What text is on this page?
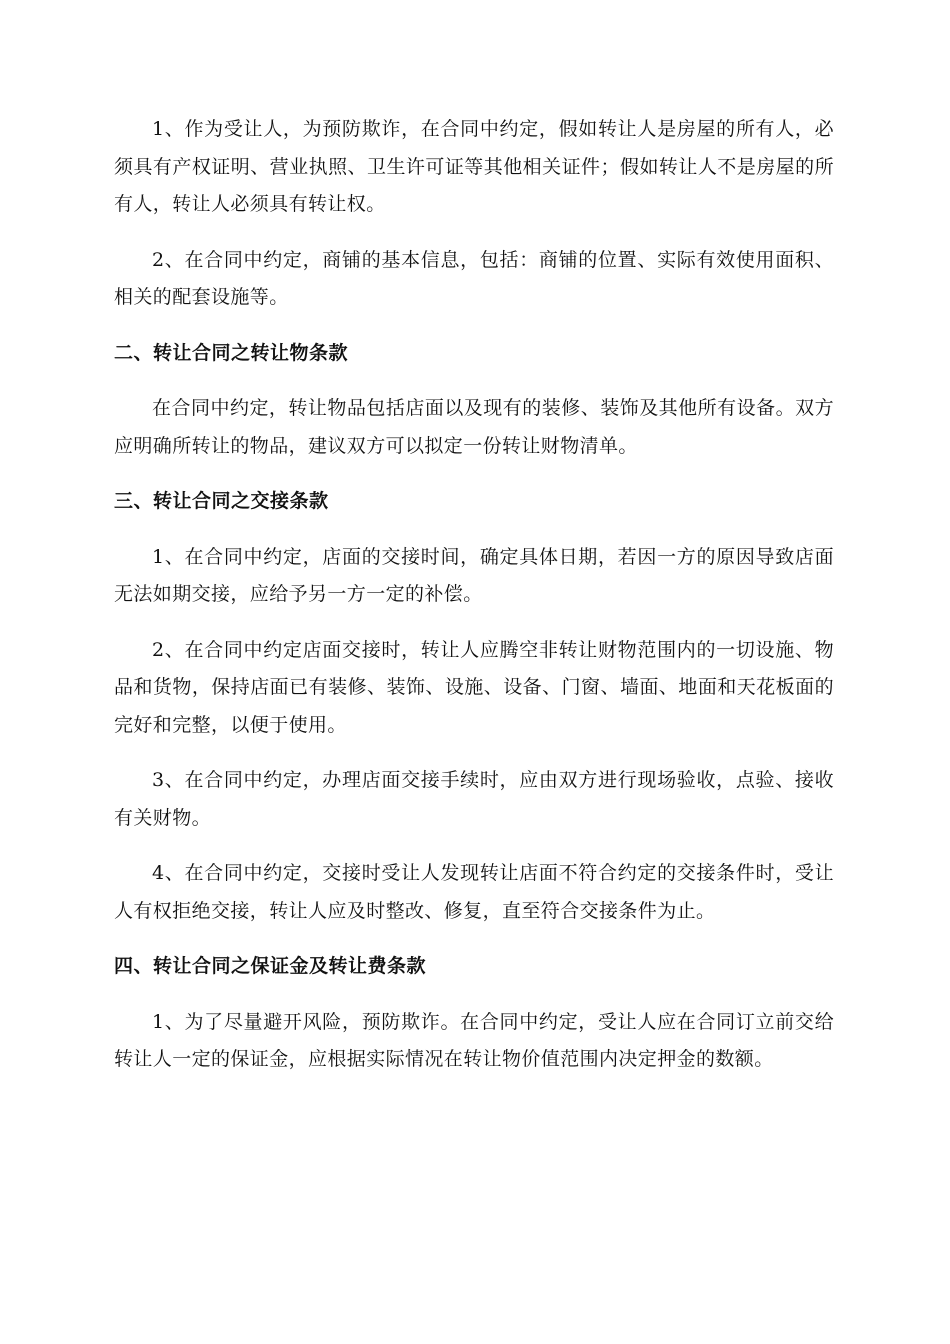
1、作为受让人，为预防欺诈，在合同中约定，假如转让人是房屋的所有人，必须具有产权证明、营业执照、卫生许可证等其他相关证件；假如转让人不是房屋的所有人，转让人必须具有转让权。

2、在合同中约定，商铺的基本信息，包括：商铺的位置、实际有效使用面积、相关的配套设施等。

二、转让合同之转让物条款

在合同中约定，转让物品包括店面以及现有的装修、装饰及其他所有设备。双方应明确所转让的物品，建议双方可以拟定一份转让财物清单。

三、转让合同之交接条款

1、在合同中约定，店面的交接时间，确定具体日期，若因一方的原因导致店面无法如期交接，应给予另一方一定的补偿。

2、在合同中约定店面交接时，转让人应腾空非转让财物范围内的一切设施、物品和货物，保持店面已有装修、装饰、设施、设备、门窗、墙面、地面和天花板面的完好和完整，以便于使用。

3、在合同中约定，办理店面交接手续时，应由双方进行现场验收，点验、接收有关财物。

4、在合同中约定，交接时受让人发现转让店面不符合约定的交接条件时，受让人有权拒绝交接，转让人应及时整改、修复，直至符合交接条件为止。

四、转让合同之保证金及转让费条款

1、为了尽量避开风险，预防欺诈。在合同中约定，受让人应在合同订立前交给转让人一定的保证金，应根据实际情况在转让物价值范围内决定押金的数额。
